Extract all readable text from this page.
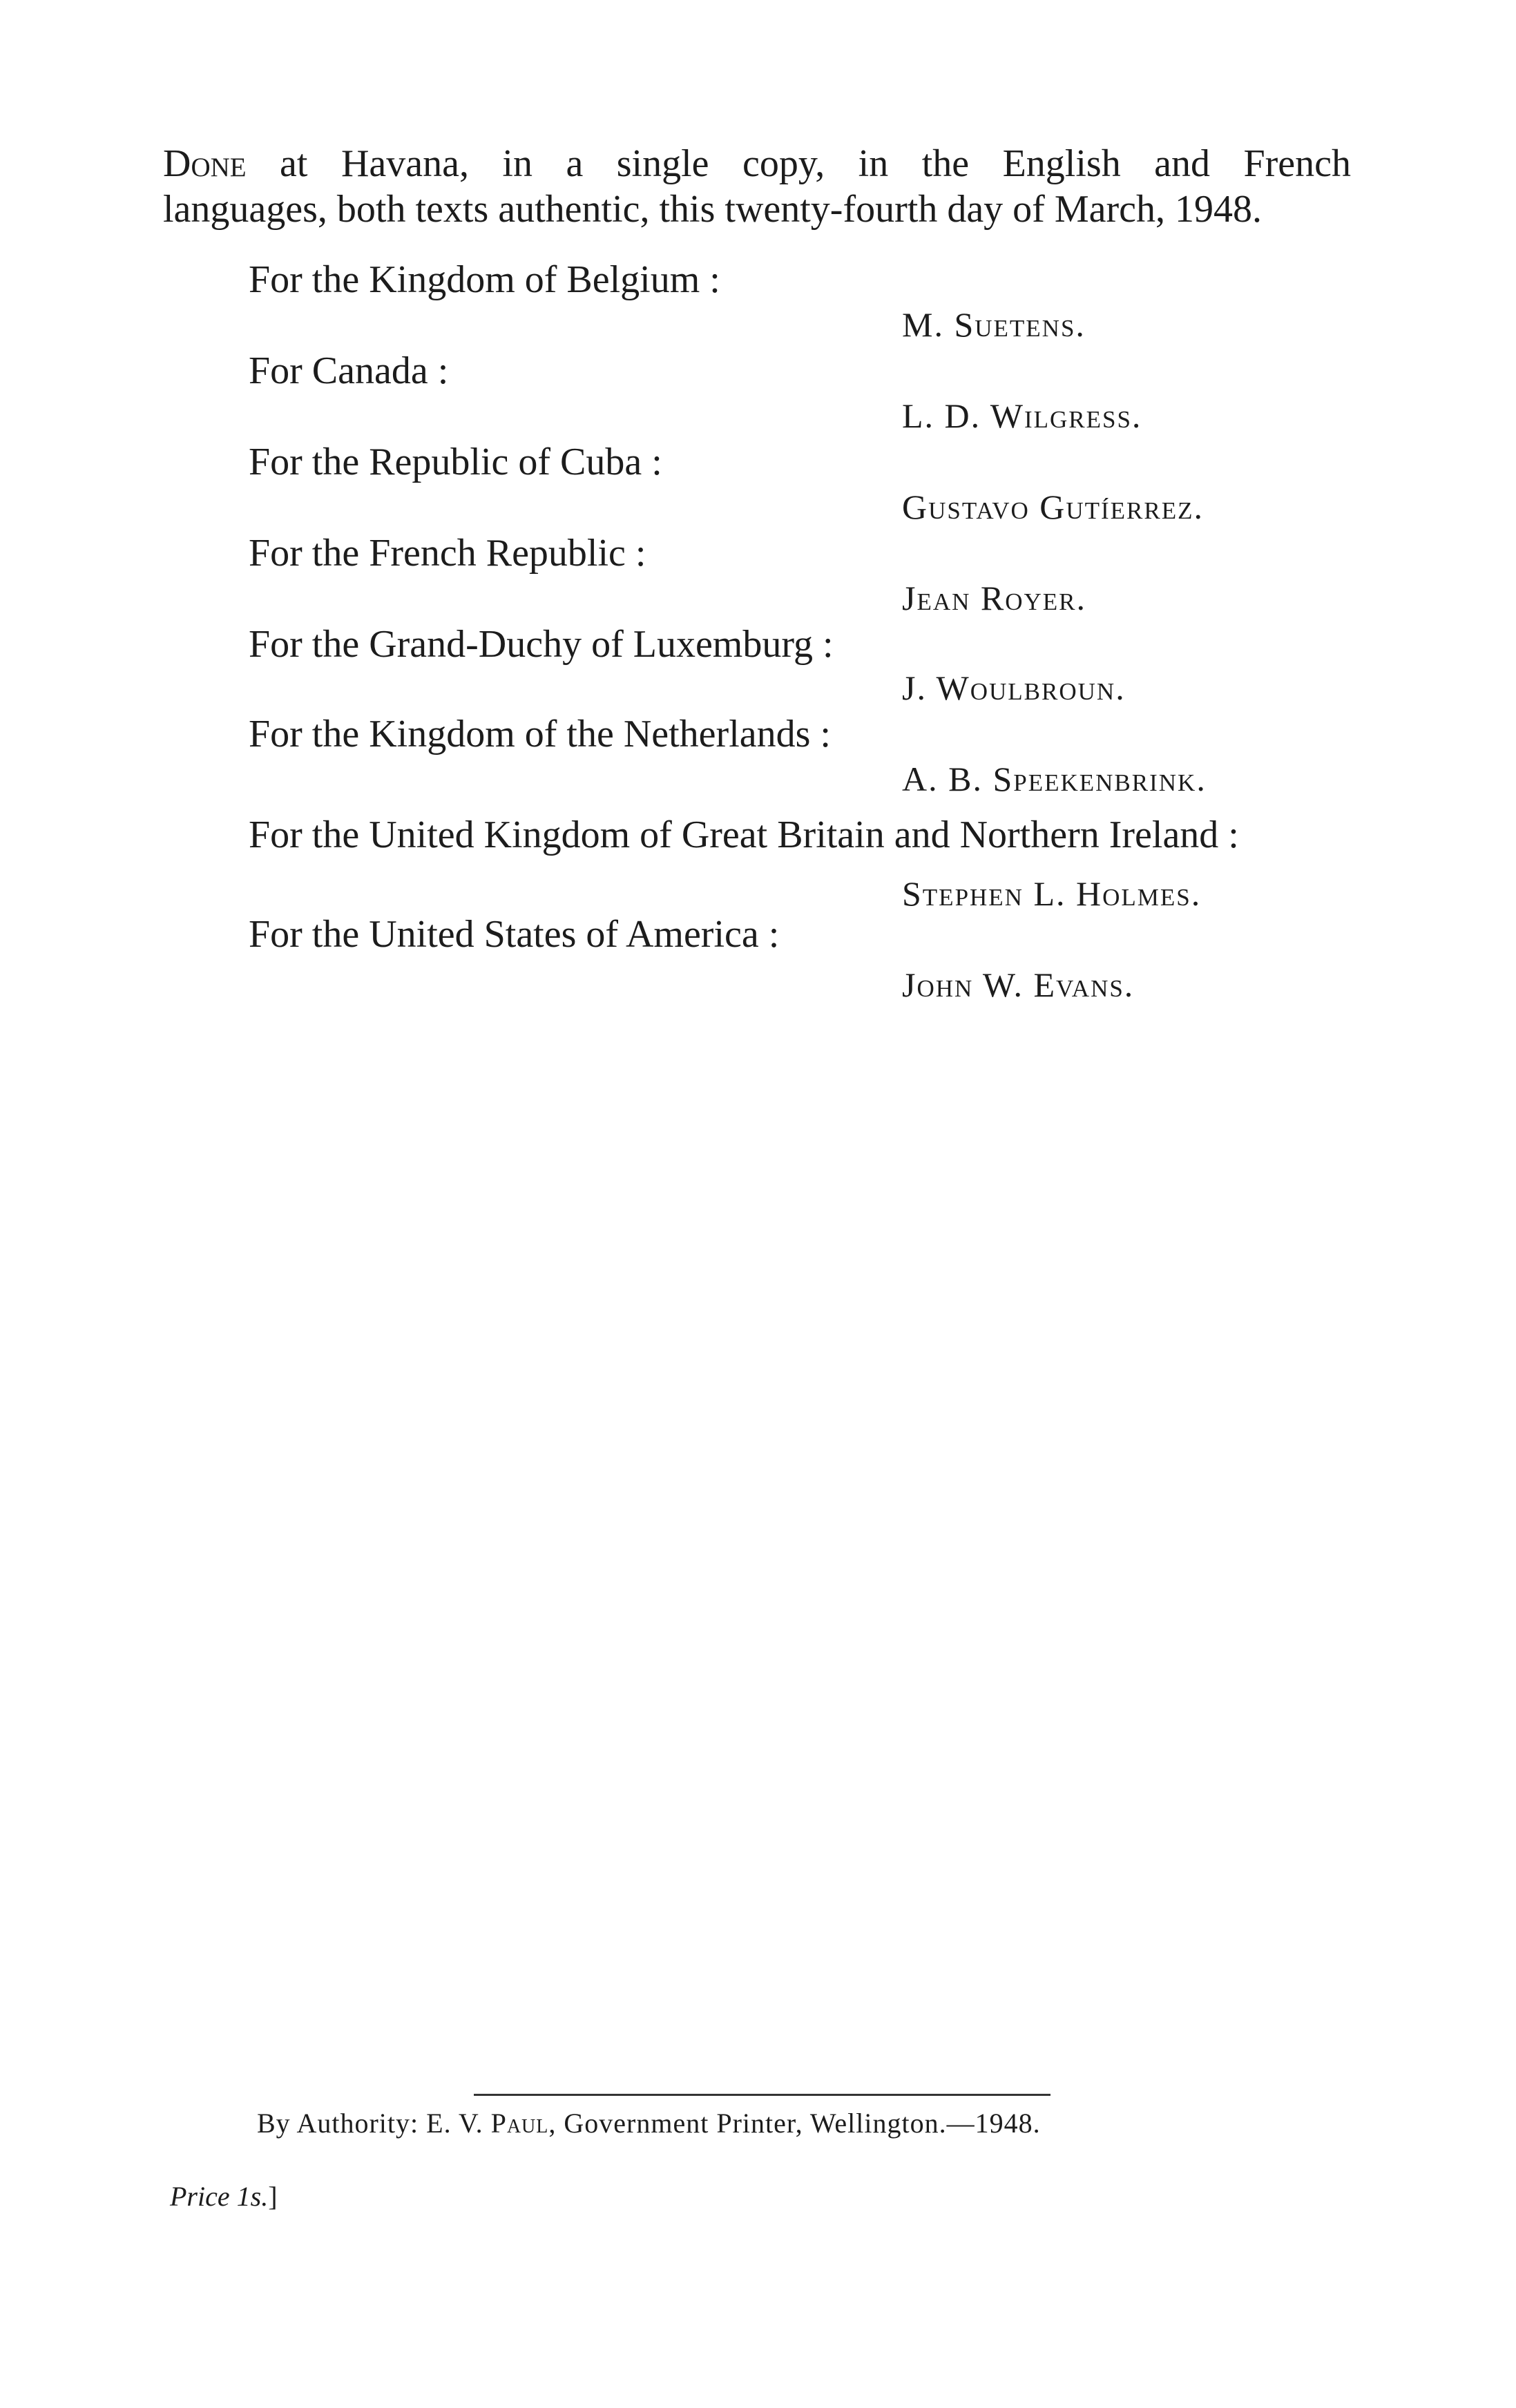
Done at Havana, in a single copy, in the English and French
languages, both texts authentic, this twenty-fourth day of March, 1948.

For the Kingdom of Belgium :
M. Suetens.
For Canada :
L. D. Wilgress.
For the Republic of Cuba :
Gustavo Gutíerrez.
For the French Republic :
Jean Royer.
For the Grand-Duchy of Luxemburg :
J. Woulbroun.
For the Kingdom of the Netherlands :
A. B. Speekenbrink.
For the United Kingdom of Great Britain and Northern Ireland :
Stephen L. Holmes.
For the United States of America :
John W. Evans.
By Authority: E. V. Paul, Government Printer, Wellington.—1948.
Price 1s.]
